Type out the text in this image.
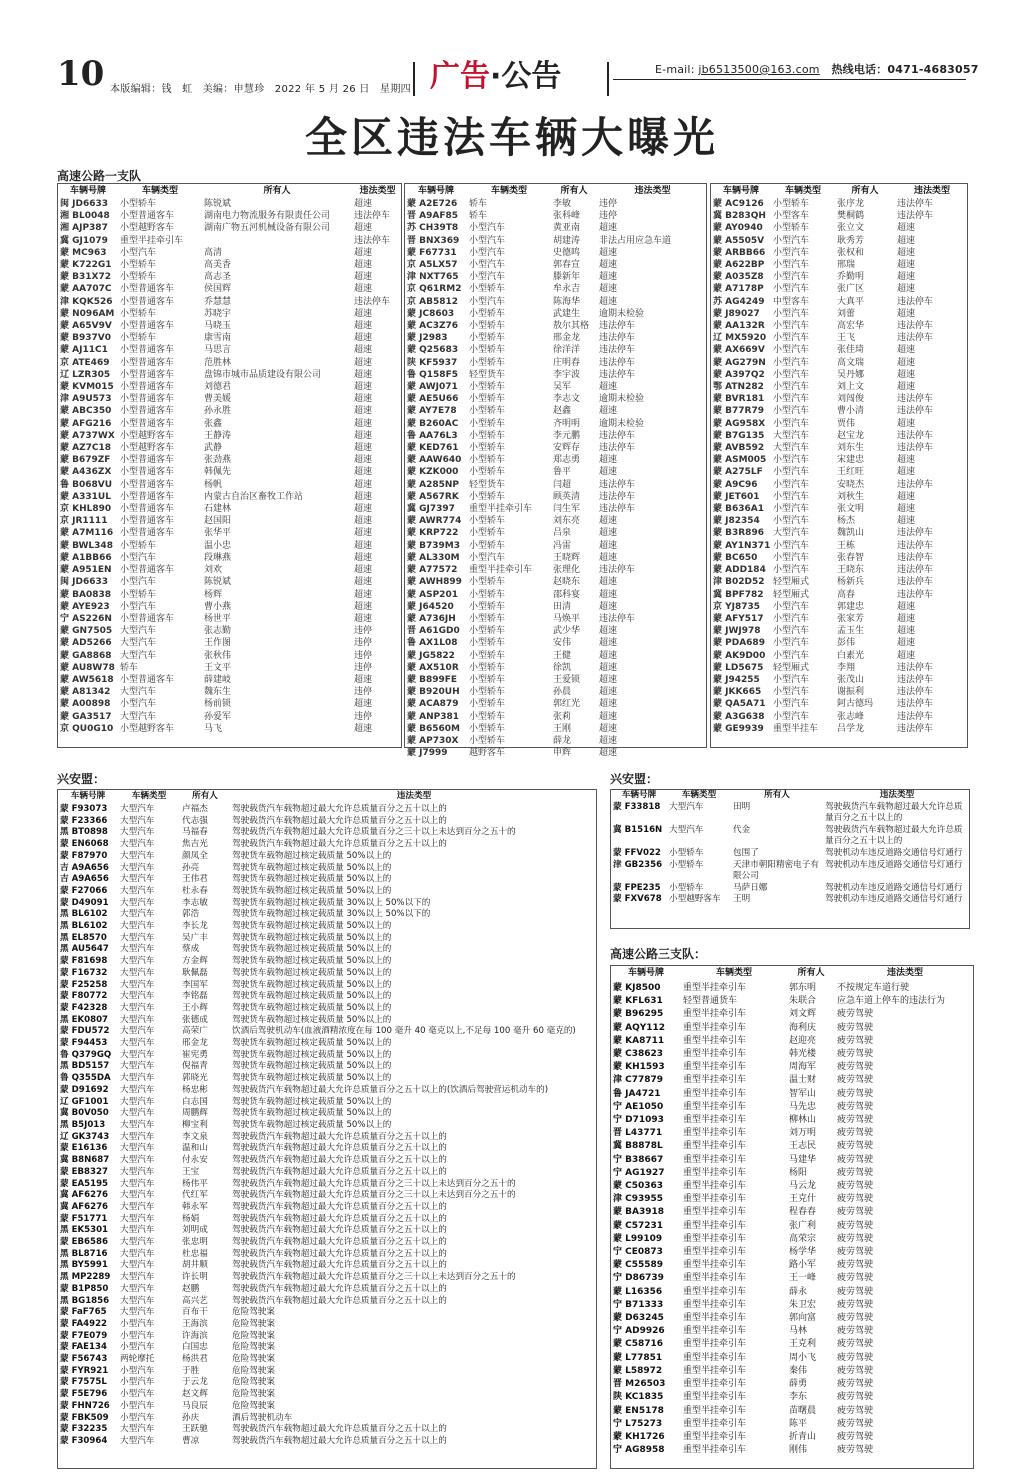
10 本版编辑：钱　虹　美编：申慧珍　2022 年 5 月 26 日　星期四 广告·公告	E-mail: jb6513500@163.com 热线电话：0471-4683057
全区违法车辆大曝光
高速公路一支队
车辆号牌	车辆类型	所有人	违法类型
闽 JD6633	小型轿车	陈锐斌	超速
湘 BL0048	小型普通客车	湖南电力物流服务有限责任公司	违法停车
湘 AJP387	小型越野客车	湖南广物五河机械设备有限公司	超速
冀 GJ1079	重型半挂牵引车		违法停车
蒙 MC963	小型汽车	高清	超速
蒙 K722G1	小型轿车	高美香	超速
蒙 B31X72	小型轿车	高志圣	超速
蒙 AA707C	小型普通客车	侯国辉	超速
津 KQK526	小型普通客车	乔慧慧	违法停车
蒙 N096AM	小型轿车	苏晓宇	超速
蒙 A65V9V	小型普通客车	马晓玉	超速
蒙 B937V0	小型轿车	康雪南	超速
蒙 AJ11C1	小型普通客车	马思言	超速
京 ATE469	小型普通客车	范胜林	超速
辽 LZR305	小型普通客车	盘锦市城市品质建设有限公司	超速
蒙 KVM015	小型普通客车	刘德君	超速
津 A9U573	小型普通客车	曹美媛	超速
蒙 ABC350	小型普通客车	孙永胜	超速
蒙 AFG216	小型普通客车	张鑫	超速
蒙 A737WX	小型越野客车	王静涛	超速
蒙 AZ7C18	小型越野客车	武静	超速
蒙 B679ZF	小型普通客车	张劲燕	超速
蒙 A436ZX	小型普通客车	韩佩先	超速
鲁 B068VU	小型普通客车	杨帆	超速
蒙 A331UL	小型普通客车	内蒙古自治区畜牧工作站	超速
京 KHL890	小型普通客车	石建林	超速
京 JR1111	小型普通客车	赵国阳	超速
蒙 A7M116	小型普通客车	张华平	超速
蒙 BWL348	小型轿车	温小忠	超速
蒙 A1BB66	小型汽车	段琳燕	超速
蒙 A951EN	小型普通客车	刘欢	超速
闽 JD6633	小型汽车	陈锐斌	超速
蒙 BA0838	小型轿车	杨辉	超速
蒙 AYE923	小型汽车	曹小燕	超速
宁 AS226N	小型普通客车	杨世平	超速
蒙 GN7505	大型汽车	张志勤	违停
蒙 AD5266	大型汽车	王作图	违停
蒙 GA8868	大型汽车	张秋伟	违停
蒙 AU8W78	轿车	王文平	违停
蒙 AW5618	小型普通客车	薛建岐	超速
蒙 A81342	大型汽车	魏东生	违停
蒙 A00898	小型汽车	杨前锁	超速
蒙 GA3517	大型汽车	孙爱军	违停
京 QU0G10	小型越野客车	马飞	超速
车辆号牌	车辆类型	所有人	违法类型
蒙 A2E726	轿车	李敏	违停
晋 A9AF85	轿车	张科峰	违停
苏 CH39T8	小型汽车	黄亚南	超速
晋 BNX369	小型汽车	胡建涛	非法占用应急车道
蒙 F67731	小型汽车	史德鸣	超速
京 A5LX57	小型汽车	郭春宣	超速
津 NXT765	小型汽车	滕新年	超速
京 Q61RM2	小型轿车	牟永吉	超速
京 AB5812	小型汽车	陈海华	超速
蒙 JC8603	小型轿车	武建生	逾期未检验
蒙 AC3Z76	小型轿车	敖尔其格	违法停车
蒙 J2983	小型轿车	邢金龙	违法停车
蒙 Q25683	小型轿车	徐洋洋	违法停车
陕 KF5937	小型轿车	庄明春	违法停车
鲁 Q158F5	轻型货车	李宇波	违法停车
蒙 AWJ071	小型轿车	吴军	超速
蒙 AE5U66	小型轿车	李志文	逾期未检验
蒙 AY7E78	小型轿车	赵鑫	超速
蒙 B260AC	小型轿车	齐明明	逾期未检验
鲁 AA76L3	小型轿车	李元鹏	违法停车
蒙 KED761	小型轿车	安辉存	违法停车
蒙 AAW640	小型轿车	郑志勇	超速
蒙 KZK000	小型轿车	鲁平	超速
蒙 A285NP	轻型货车	闫超	违法停车
蒙 A567RK	小型轿车	顾英清	违法停车
冀 GJ7397	重型半挂牵引车	闫生军	违法停车
蒙 AWR774	小型轿车	刘东亮	超速
蒙 KRP722	小型轿车	吕泉	超速
蒙 B739M3	小型轿车	冯雷	超速
蒙 AL330M	小型汽车	王晓辉	超速
蒙 A77572	重型半挂牵引车	张理化	违法停车
蒙 AWH899	小型轿车	赵晓东	超速
蒙 ASP201	小型轿车	邵科宴	超速
蒙 J64520	小型轿车	田清	超速
蒙 A736JH	小型轿车	马焕平	违法停车
晋 A61GD0	小型轿车	武少华	超速
鲁 AX1L08	小型轿车	安伟	超速
蒙 JG5822	小型轿车	王健	超速
蒙 AX510R	小型轿车	徐凯	超速
蒙 B899FE	小型轿车	王爱锁	超速
蒙 B920UH	小型轿车	孙晨	超速
蒙 ACA879	小型轿车	郭红光	超速
蒙 ANP381	小型轿车	张莉	超速
蒙 B6560M	小型轿车	王刚	超速
蒙 AP730X	小型轿车	薛龙	超速
蒙 J7999	越野客车	申辉	超速
车辆号牌	车辆类型	所有人	违法类型
蒙 AC9126	小型轿车	张序龙	违法停车
冀 B283QH	小型客车	樊桐鹤	违法停车
蒙 AY0940	小型轿车	张立文	超速
蒙 A5505V	小型汽车	耿秀芳	超速
蒙 ARBB66	小型汽车	张权和	超速
蒙 A622BP	小型汽车	邢瑞	超速
蒙 A035Z8	小型汽车	乔勤明	超速
蒙 A7178P	小型汽车	张广区	超速
苏 AG4249	中型客车	大真平	违法停车
蒙 J89027	小型汽车	刘蕾	超速
蒙 AA132R	小型汽车	高宏华	违法停车
辽 MX5920	小型汽车	王飞	违法停车
蒙 AX669V	小型汽车	张佳琦	超速
蒙 AG279N	小型汽车	高文瑞	超速
蒙 A397Q2	小型汽车	吴丹娜	超速
鄂 ATN282	小型汽车	刘上文	超速
蒙 BVR181	小型汽车	刘闯俊	违法停车
蒙 B77R79	小型汽车	曹小清	违法停车
蒙 AG958X	小型汽车	贾伟	超速
蒙 B7G135	大型汽车	赵宝龙	违法停车
蒙 AVB592	大型汽车	刘东生	违法停车
蒙 ASM005	小型汽车	宋建忠	超速
蒙 A275LF	小型汽车	王红旺	超速
蒙 A9C96	小型汽车	安晓杰	违法停车
蒙 JET601	小型汽车	刘秋生	超速
蒙 B636A1	小型汽车	张文明	超速
蒙 J82354	小型汽车	杨杰	超速
蒙 B3R896	大型汽车	魏凯山	违法停车
蒙 AY1N371	小型汽车	王栋	违法停车
蒙 BC650	小型汽车	张春智	违法停车
蒙 ADD184	小型汽车	王晓东	违法停车
津 B02D52	轻型厢式	杨新兵	违法停车
冀 BPF782	轻型厢式	高春	违法停车
京 YJ8735	小型汽车	郭建忠	超速
蒙 AFY517	小型汽车	张家芳	超速
蒙 JWJ978	小型汽车	孟玉生	超速
蒙 PDA689	小型汽车	彭伟	超速
蒙 AK9D00	小型汽车	白素光	超速
蒙 LD5675	轻型厢式	李翔	违法停车
蒙 J94255	小型汽车	张茂山	违法停车
蒙 JKK665	小型汽车	谢振利	违法停车
蒙 QA5A71	小型汽车	阿古德玛	违法停车
蒙 A3G638	小型汽车	张志峰	违法停车
蒙 GE9939	重型半挂车	吕学龙	违法停车
兴安盟：
车辆号牌	车辆类型	所有人	违法类型
蒙 F93073	大型汽车	卢福杰	驾驶载货汽车载物超过最大允许总质量百分之五十以上的
蒙 F23366	大型汽车	代志强	驾驶载货汽车载物超过最大允许总质量百分之五十以上的
黑 BT0898	大型汽车	马福春	驾驶载货汽车载物超过最大允许总质量百分之三十以上未达到百分之五十的
蒙 EN6068	大型汽车	焦吉光	驾驶载货汽车载物超过最大允许总质量百分之五十以上的
蒙 F87970	大型汽车	颜凤全	驾驶货车载物超过核定载质量 50%以上的
吉 A9A656	大型汽车	孙亮	驾驶货车载物超过核定载质量 50%以上的
吉 A9A656	大型汽车	王伟君	驾驶货车载物超过核定载质量 50%以上的
蒙 F27066	大型汽车	杜永春	驾驶货车载物超过核定载质量 50%以上的
蒙 D49091	大型汽车	李志敏	驾驶货车载物超过核定载质量 30%以上 50%以下的
黑 BL6102	大型汽车	郭浩	驾驶货车载物超过核定载质量 30%以上 50%以下的
黑 BL6102	大型汽车	李长龙	驾驶货车载物超过核定载质量 50%以上的
黑 EL8570	大型汽车	吴广丰	驾驶货车载物超过核定载质量 50%以上的
黑 AU5647	大型汽车	蔡成	驾驶货车载物超过核定载质量 50%以上的
蒙 F81698	大型汽车	方金辉	驾驶货车载物超过核定载质量 50%以上的
蒙 F16732	大型汽车	耿佩磊	驾驶货车载物超过核定载质量 50%以上的
蒙 F25258	大型汽车	李国军	驾驶货车载物超过核定载质量 50%以上的
蒙 F80772	大型汽车	李铭磊	驾驶货车载物超过核定载质量 50%以上的
蒙 F42328	大型汽车	王小辉	驾驶货车载物超过核定载质量 50%以上的
黑 EK0807	大型汽车	张德成	驾驶货车载物超过核定载质量 50%以上的
蒙 FDU572	大型汽车	高荣广	饮酒后驾驶机动车(血液酒精浓度在每 100 毫升 40 毫克以上,不足每 100 毫升 60 毫克的)
蒙 F94453	大型汽车	邢金龙	驾驶货车载物超过核定载质量 50%以上的
鲁 Q379GQ	大型汽车	崔宪勇	驾驶货车载物超过核定载质量 50%以上的
黑 BD5157	大型汽车	倪福青	驾驶货车载物超过核定载质量 50%以上的
鲁 Q355DA	大型汽车	郭晓光	驾驶货车载物超过核定载质量 50%以上的
蒙 D91692	大型汽车	杨忠彬	驾驶载货汽车载物超过最大允许总质量百分之五十以上的(饮酒后驾驶营运机动车的)
辽 GF1001	大型汽车	白志国	驾驶货车载物超过核定载质量 50%以上的
冀 B0V050	大型汽车	周鹏辉	驾驶货车载物超过核定载质量 50%以上的
黑 B5J013	大型汽车	柳宝利	驾驶货车载物超过核定载质量 50%以上的
辽 GK3743	大型汽车	李文泉	驾驶载货汽车载物超过最大允许总质量百分之五十以上的
蒙 E16136	大型汽车	温和山	驾驶载货汽车载物超过最大允许总质量百分之五十以上的
冀 B8N687	大型汽车	付永安	驾驶载货汽车载物超过最大允许总质量百分之五十以上的
蒙 EB8327	大型汽车	王宝	驾驶载货汽车载物超过最大允许总质量百分之五十以上的
蒙 EA5195	大型汽车	杨伟平	驾驶载货汽车载物超过最大允许总质量百分之三十以上未达到百分之五十的
冀 AF6276	大型汽车	代红军	驾驶载货汽车载物超过最大允许总质量百分之三十以上未达到百分之五十的
冀 AF6276	大型汽车	韩永军	驾驶载货汽车载物超过最大允许总质量百分之五十以上的
蒙 F51771	大型汽车	杨娟	驾驶载货汽车载物超过最大允许总质量百分之五十以上的
黑 EK5301	大型汽车	刘明成	驾驶载货汽车载物超过最大允许总质量百分之五十以上的
蒙 EB6586	大型汽车	张忠明	驾驶载货汽车载物超过最大允许总质量百分之五十以上的
黑 BL8716	大型汽车	杜忠福	驾驶载货汽车载物超过最大允许总质量百分之五十以上的
黑 BY5991	大型汽车	胡井顺	驾驶载货汽车载物超过最大允许总质量百分之五十以上的
黑 MP2289	大型汽车	许长明	驾驶载货汽车载物超过最大允许总质量百分之三十以上未达到百分之五十的
蒙 B1P850	大型汽车	赵鹏	驾驶载货汽车载物超过最大允许总质量百分之五十以上的
黑 BG1856	大型汽车	高兴艺	驾驶载货汽车载物超过最大允许总质量百分之五十以上的
蒙 FaF765	大型汽车	百布干	危险驾驶案
蒙 FA4922	小型汽车	王海滨	危险驾驶案
蒙 F7E079	小型汽车	许海滨	危险驾驶案
蒙 FAE134	小型汽车	白国忠	危险驾驶案
蒙 F56743	两轮摩托	杨洪君	危险驾驶案
蒙 FYR921	小型汽车	于胜	危险驾驶案
蒙 F7575L	小型汽车	于云龙	危险驾驶案
蒙 F5E796	小型汽车	赵文辉	危险驾驶案
蒙 FHN726	小型汽车	马良辰	危险驾驶案
蒙 FBK509	小型汽车	孙庆	酒后驾驶机动车
蒙 F32235	大型汽车	王跃驰	驾驶载货汽车载物超过最大允许总质量百分之五十以上的
蒙 F30964	大型汽车	曹凉	驾驶载货汽车载物超过最大允许总质量百分之五十以上的
兴安盟：
车辆号牌	车辆类型	所有人	违法类型
蒙 F33818	大型汽车	田明	驾驶载货汽车载物超过最大允许总质量百分之五十以上的
冀 B1516N	大型汽车	代金	驾驶载货汽车载物超过最大允许总质量百分之五十以上的
蒙 FFV022	小型轿车	包围了	驾驶机动车违反道路交通信号灯通行
津 GB2356	小型轿车	天津市朝阳精密电子有限公司	驾驶机动车违反道路交通信号灯通行
蒙 FPE235	小型轿车	马萨日娜	驾驶机动车违反道路交通信号灯通行
蒙 FXV678	小型越野客车	王明	驾驶机动车违反道路交通信号灯通行
高速公路三支队：
车辆号牌	车辆类型	所有人	违法类型
蒙 KJ8500	重型半挂牵引车	郭东明	不按规定车道行驶
蒙 KFL631	轻型普通货车	朱联合	应急车道上停车的违法行为
蒙 B96295	重型半挂牵引车	刘文辉	疲劳驾驶
蒙 AQY112	重型半挂牵引车	海利庆	疲劳驾驶
蒙 KA8711	重型半挂牵引车	赵迎亮	疲劳驾驶
蒙 C38623	重型半挂牵引车	韩光楼	疲劳驾驶
蒙 KH1593	重型半挂牵引车	周海军	疲劳驾驶
津 C77879	重型半挂牵引车	温士财	疲劳驾驶
鲁 JA4721	重型半挂牵引车	智军山	疲劳驾驶
宁 AE1050	重型半挂牵引车	马先忠	疲劳驾驶
宁 D71093	重型半挂牵引车	柳林山	疲劳驾驶
晋 L43771	重型半挂牵引车	刘万明	疲劳驾驶
冀 B8878L	重型半挂牵引车	王志民	疲劳驾驶
宁 B38667	重型半挂牵引车	马建华	疲劳驾驶
宁 AG1927	重型半挂牵引车	杨阳	疲劳驾驶
蒙 C50363	重型半挂牵引车	马云龙	疲劳驾驶
津 C93955	重型半挂牵引车	王克什	疲劳驾驶
蒙 BA3918	重型半挂牵引车	程春春	疲劳驾驶
蒙 C57231	重型半挂牵引车	张广利	疲劳驾驶
蒙 L99109	重型半挂牵引车	高荣宗	疲劳驾驶
宁 CE0873	重型半挂牵引车	杨学华	疲劳驾驶
蒙 C55589	重型半挂牵引车	路小军	疲劳驾驶
宁 D86739	重型半挂牵引车	王一峰	疲劳驾驶
蒙 L16356	重型半挂牵引车	薛永	疲劳驾驶
宁 B71333	重型半挂牵引车	朱卫宏	疲劳驾驶
蒙 D63245	重型半挂牵引车	郭向富	疲劳驾驶
宁 AD9926	重型半挂牵引车	马林	疲劳驾驶
蒙 C58716	重型半挂牵引车	王克利	疲劳驾驶
蒙 L77851	重型半挂牵引车	周小飞	疲劳驾驶
蒙 L58972	重型半挂牵引车	秦伟	疲劳驾驶
晋 M26503	重型半挂牵引车	薛勇	疲劳驾驶
陕 KC1835	重型半挂牵引车	李东	疲劳驾驶
蒙 EN5178	重型半挂牵引车	苗曙晨	疲劳驾驶
宁 L75273	重型半挂牵引车	陈平	疲劳驾驶
蒙 KH1726	重型半挂牵引车	折青山	疲劳驾驶
宁 AG8958	重型半挂牵引车	刚伟	疲劳驾驶
